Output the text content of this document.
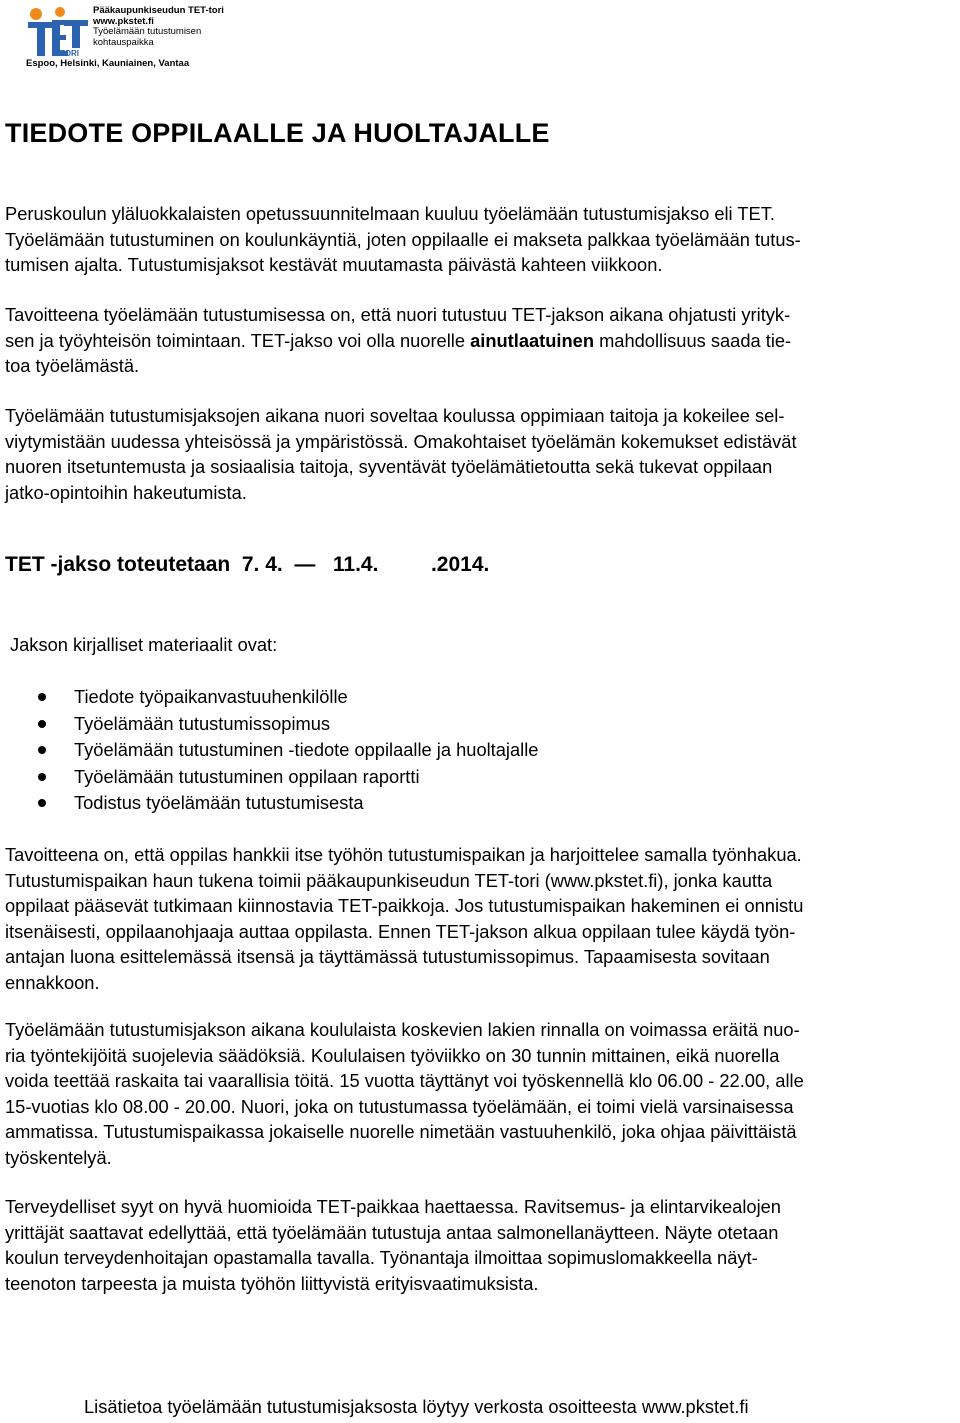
TORI
Pääkaupunkiseudun TET-tori
www.pkstet.fi
Työelämään tutustumisen
kohtauspaikka
Espoo, Helsinki, Kauniainen, Vantaa
TIEDOTE OPPILAALLE JA HUOLTAJALLE
Peruskoulun yläluokkalaisten opetussuunnitelmaan kuuluu työelämään tutustumisjakso eli TET.
Työelämään tutustuminen on koulunkäyntiä, joten oppilaalle ei makseta palkkaa työelämään tutus-
tumisen ajalta. Tutustumisjaksot kestävät muutamasta päivästä kahteen viikkoon.
Tavoitteena työelämään tutustumisessa on, että nuori tutustuu TET-jakson aikana ohjatusti yrityk-
sen ja työyhteisön toimintaan. TET-jakso voi olla nuorelle ainutlaatuinen mahdollisuus saada tie-
toa työelämästä.
Työelämään tutustumisjaksojen aikana nuori soveltaa koulussa oppimiaan taitoja ja kokeilee sel-
viytymistään uudessa yhteisössä ja ympäristössä. Omakohtaiset työelämän kokemukset edistävät
nuoren itsetuntemusta ja sosiaalisia taitoja, syventävät työelämätietoutta sekä tukevat oppilaan
jatko-opintoihin hakeutumista.
TET -jakso toteutetaan  7. 4.  —   11.4.         .2014.
Jakson kirjalliset materiaalit ovat:
Tiedote työpaikanvastuuhenkilölle
Työelämään tutustumissopimus
Työelämään tutustuminen -tiedote oppilaalle ja huoltajalle
Työelämään tutustuminen oppilaan raportti
Todistus työelämään tutustumisesta
Tavoitteena on, että oppilas hankkii itse työhön tutustumispaikan ja harjoittelee samalla työnhakua.
Tutustumispaikan haun tukena toimii pääkaupunkiseudun TET-tori (www.pkstet.fi), jonka kautta
oppilaat pääsevät tutkimaan kiinnostavia TET-paikkoja. Jos tutustumispaikan hakeminen ei onnistu
itsenäisesti, oppilaanohjaaja auttaa oppilasta. Ennen TET-jakson alkua oppilaan tulee käydä työn-
antajan luona esittelemässä itsensä ja täyttämässä tutustumissopimus. Tapaamisesta sovitaan
ennakkoon.
Työelämään tutustumisjakson aikana koululaista koskevien lakien rinnalla on voimassa eräitä nuo-
ria työntekijöitä suojelevia säädöksiä. Koululaisen työviikko on 30 tunnin mittainen, eikä nuorella
voida teettää raskaita tai vaarallisia töitä. 15 vuotta täyttänyt voi työskennellä klo 06.00 - 22.00, alle
15-vuotias klo 08.00 - 20.00. Nuori, joka on tutustumassa työelämään, ei toimi vielä varsinaisessa
ammatissa. Tutustumispaikassa jokaiselle nuorelle nimetään vastuuhenkilö, joka ohjaa päivittäistä
työskentelyä.
Terveydelliset syyt on hyvä huomioida TET-paikkaa haettaessa. Ravitsemus- ja elintarvikealojen
yrittäjät saattavat edellyttää, että työelämään tutustuja antaa salmonellanäytteen. Näyte otetaan
koulun terveydenhoitajan opastamalla tavalla. Työnantaja ilmoittaa sopimuslomakkeella näyt-
teenoton tarpeesta ja muista työhön liittyvistä erityisvaatimuksista.
Lisätietoa työelämään tutustumisjaksosta löytyy verkosta osoitteesta www.pkstet.fi
